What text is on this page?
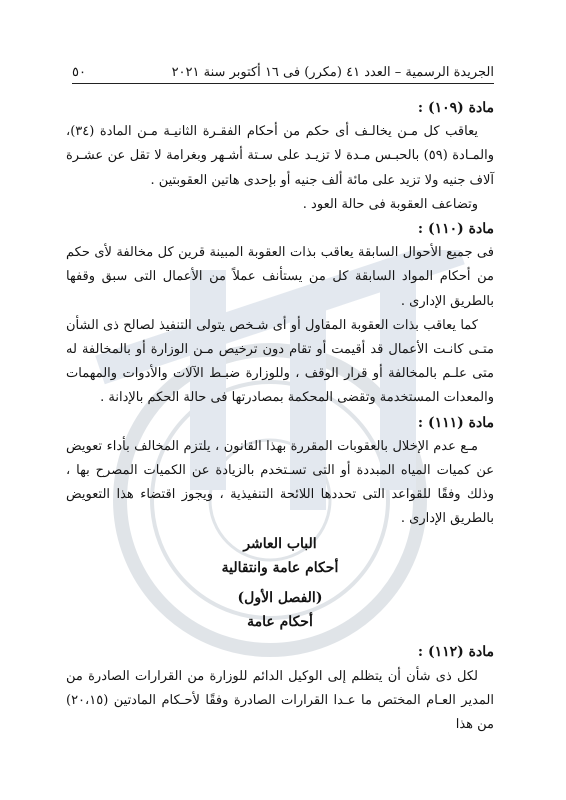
الجريدة الرسمية – العدد ٤١ (مكرر) فى ١٦ أكتوبر سنة ٢٠٢١
٥٠
مادة (١٠٩) :

يعاقب كل مـن يخالـف أى حكم من أحكام الفقـرة الثانيـة مـن المادة (٣٤)، والمـادة (٥٩) بالحبـس مـدة لا تزيـد على سـتة أشـهر وبغرامة لا تقل عن عشـرة آلاف جنيه ولا تزيد على مائة ألف جنيه أو بإحدى هاتين العقوبتين .

وتضاعف العقوبة فى حالة العود .

مادة (١١٠) :

فى جميع الأحوال السابقة يعاقب بذات العقوبة المبينة قرين كل مخالفة لأى حكم من أحكام المواد السابقة كل من يستأنف عملاً من الأعمال التى سبق وقفها بالطريق الإدارى .

كما يعاقب بذات العقوبة المقاول أو أى شـخص يتولى التنفيذ لصالح ذى الشأن متـى كانـت الأعمال قد أقيمت أو تقام دون ترخيص مـن الوزارة أو بالمخالفة له متى علـم بالمخالفة أو قرار الوقف ، وللوزارة ضبـط الآلات والأدوات والمهمات والمعدات المستخدمة وتقضى المحكمة بمصادرتها فى حالة الحكم بالإدانة .

مادة (١١١) :

مـع عدم الإخلال بالعقوبات المقررة بهذا القانون ، يلتزم المخالف بأداء تعويض عن كميات المياه المبددة أو التى تسـتخدم بالزيادة عن الكميات المصرح بها ، وذلك وفقًا للقواعد التى تحددها اللائحة التنفيذية ، ويجوز اقتضاء هذا التعويض بالطريق الإدارى .

الباب العاشر
أحكام عامة وانتقالية
(الفصل الأول)
أحكام عامة
مادة (١١٢) :

لكل ذى شأن أن يتظلم إلى الوكيل الدائم للوزارة من القرارات الصادرة من المدير العـام المختص ما عـدا القرارات الصادرة وفقًا لأحـكام المادتين (٢٠،١٥) من هذا
